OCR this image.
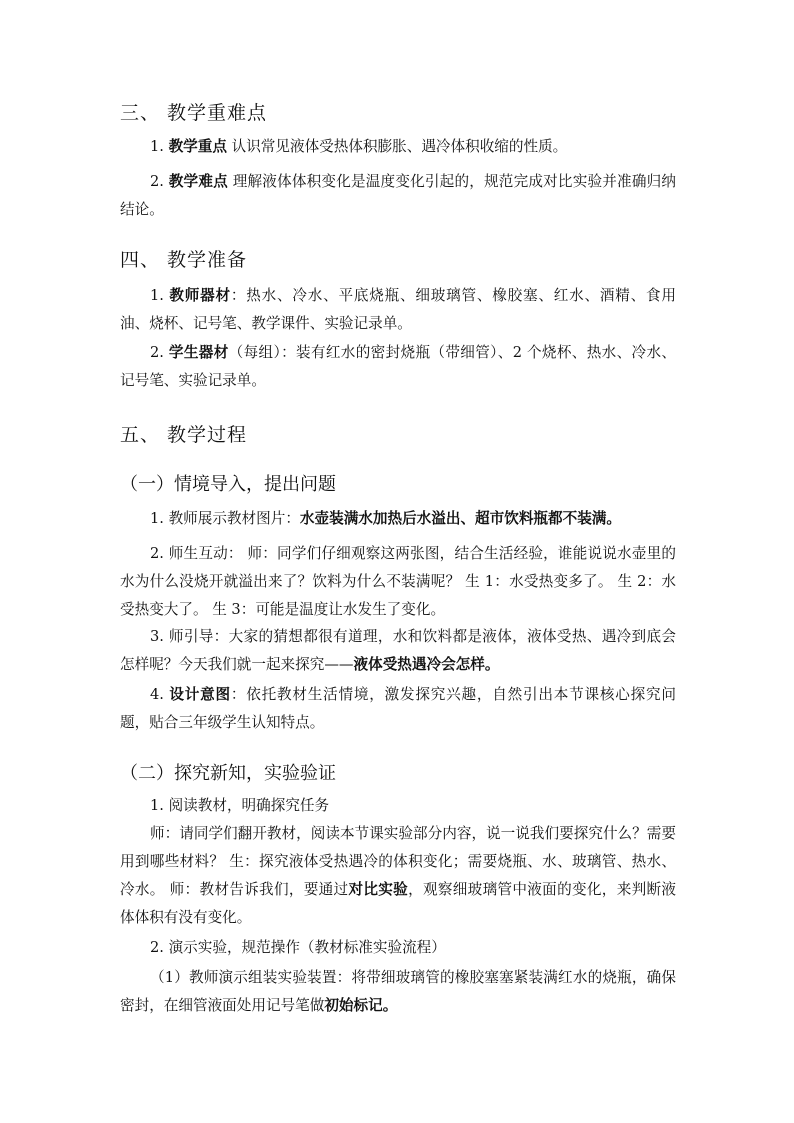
三、 教学重难点

1. 教学重点 认识常见液体受热体积膨胀、遇冷体积收缩的性质。

2. 教学难点 理解液体体积变化是温度变化引起的，规范完成对比实验并准确归纳结论。

四、 教学准备

1. 教师器材：热水、冷水、平底烧瓶、细玻璃管、橡胶塞、红水、酒精、食用油、烧杯、记号笔、教学课件、实验记录单。

2. 学生器材（每组）：装有红水的密封烧瓶（带细管）、2 个烧杯、热水、冷水、记号笔、实验记录单。

五、 教学过程
（一）情境导入，提出问题

1. 教师展示教材图片：水壶装满水加热后水溢出、超市饮料瓶都不装满。

2. 师生互动： 师：同学们仔细观察这两张图，结合生活经验，谁能说说水壶里的水为什么没烧开就溢出来了？饮料为什么不装满呢？ 生 1：水受热变多了。 生 2：水受热变大了。 生 3：可能是温度让水发生了变化。

3. 师引导：大家的猜想都很有道理，水和饮料都是液体，液体受热、遇冷到底会怎样呢？今天我们就一起来探究——液体受热遇冷会怎样。

4. 设计意图：依托教材生活情境，激发探究兴趣，自然引出本节课核心探究问题，贴合三年级学生认知特点。

（二）探究新知，实验验证

1. 阅读教材，明确探究任务

师：请同学们翻开教材，阅读本节课实验部分内容，说一说我们要探究什么？需要用到哪些材料？ 生：探究液体受热遇冷的体积变化；需要烧瓶、水、玻璃管、热水、冷水。 师：教材告诉我们，要通过对比实验，观察细玻璃管中液面的变化，来判断液体体积有没有变化。

2. 演示实验，规范操作（教材标准实验流程）

（1）教师演示组装实验装置：将带细玻璃管的橡胶塞塞紧装满红水的烧瓶，确保密封，在细管液面处用记号笔做初始标记。
